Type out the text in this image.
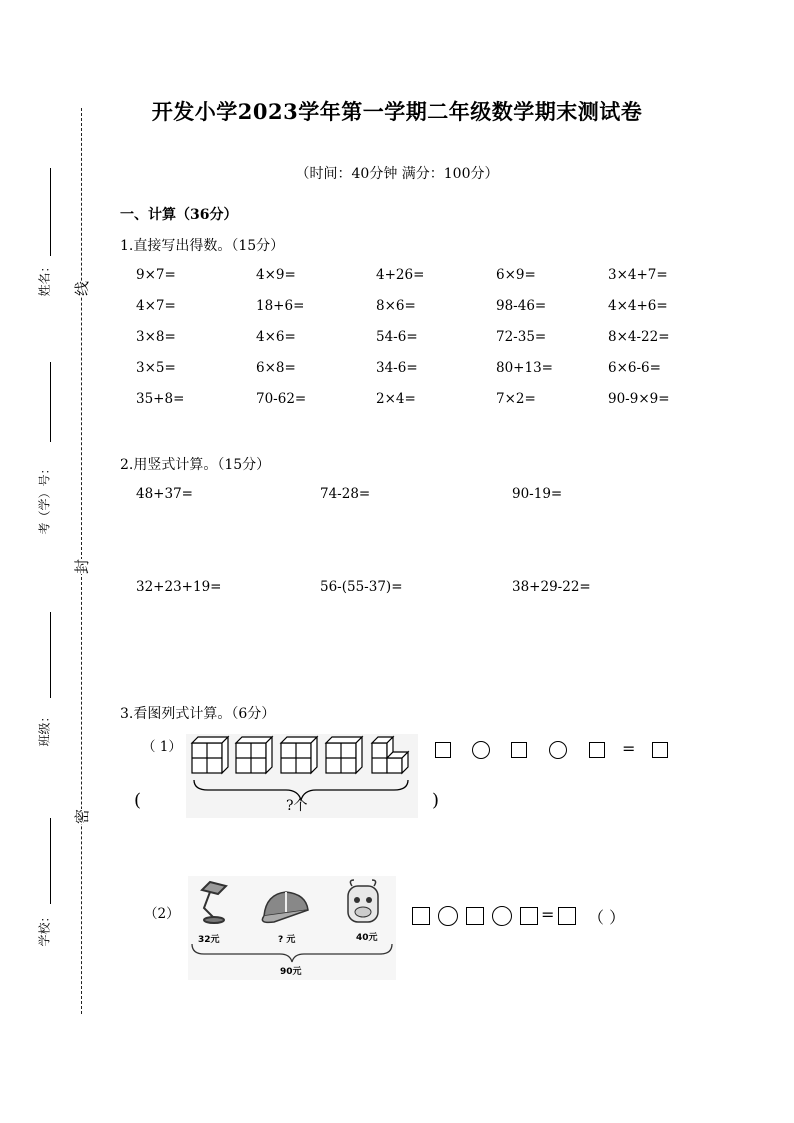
线
封
密
姓名：
考（学）号：
班级：
学校：
开发小学2023学年第一学期二年级数学期末测试卷
（时间：40分钟 满分：100分）
一、计算（36分）
1.直接写出得数。（15分）
9×7=	4×9=	4+26=	6×9=	3×4+7=
4×7=	18+6=	8×6=	98-46=	4×4+6=
3×8=	4×6=	54-6=	72-35=	8×4-22=
3×5=	6×8=	34-6=	80+13=	6×6-6=
35+8=	70-62=	2×4=	7×2=	90-9×9=
2.用竖式计算。（15分）
48+37=	74-28=	90-19=
32+23+19=	56-(55-37)=	38+29-22=
3.看图列式计算。（6分）
（ 1）
?个
=
(	)
（2）
32元	? 元	40元
90元
= （ ）
